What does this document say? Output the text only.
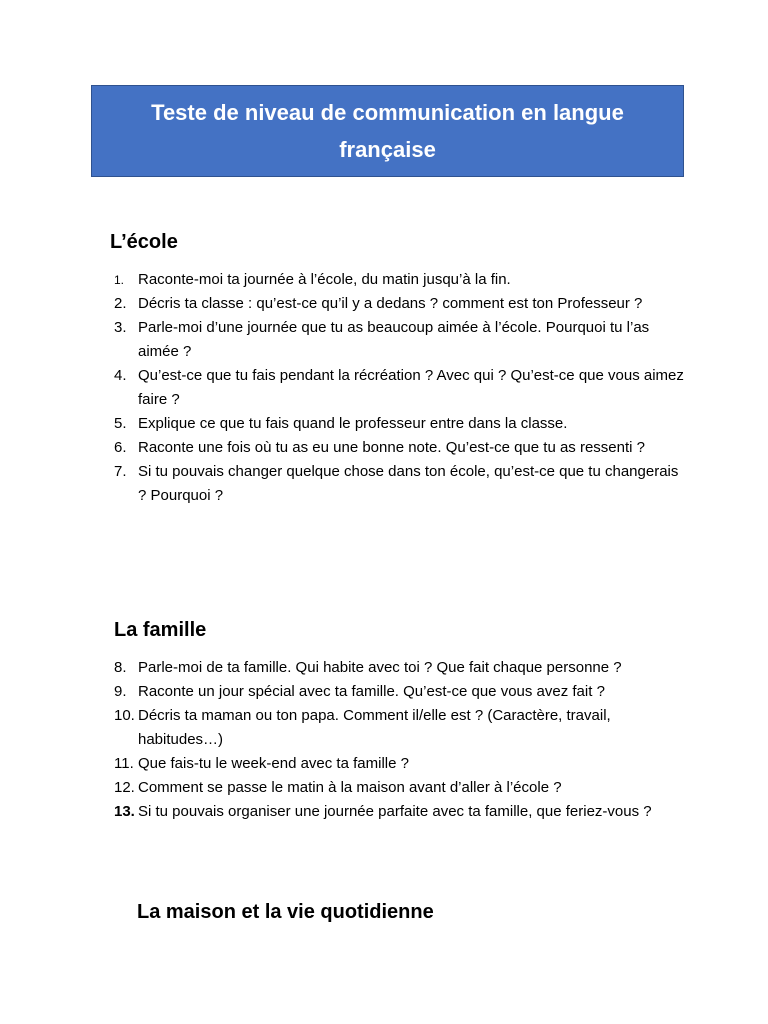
Teste de niveau de communication en langue française
L’école
1. Raconte-moi ta journée à l’école, du matin jusqu’à la fin.
2. Décris ta classe : qu’est-ce qu’il y a dedans ? comment est ton Professeur ?
3. Parle-moi d’une journée que tu as beaucoup aimée à l’école. Pourquoi tu l’as aimée ?
4. Qu’est-ce que tu fais pendant la récréation ? Avec qui ? Qu’est-ce que vous aimez faire ?
5. Explique ce que tu fais quand le professeur entre dans la classe.
6. Raconte une fois où tu as eu une bonne note. Qu’est-ce que tu as ressenti ?
7. Si tu pouvais changer quelque chose dans ton école, qu’est-ce que tu changerais ? Pourquoi ?
La famille
8. Parle-moi de ta famille. Qui habite avec toi ? Que fait chaque personne ?
9. Raconte un jour spécial avec ta famille. Qu’est-ce que vous avez fait ?
10. Décris ta maman ou ton papa. Comment il/elle est ? (Caractère, travail, habitudes…)
11. Que fais-tu le week-end avec ta famille ?
12. Comment se passe le matin à la maison avant d’aller à l’école ?
13. Si tu pouvais organiser une journée parfaite avec ta famille, que feriez-vous ?
La maison et la vie quotidienne
